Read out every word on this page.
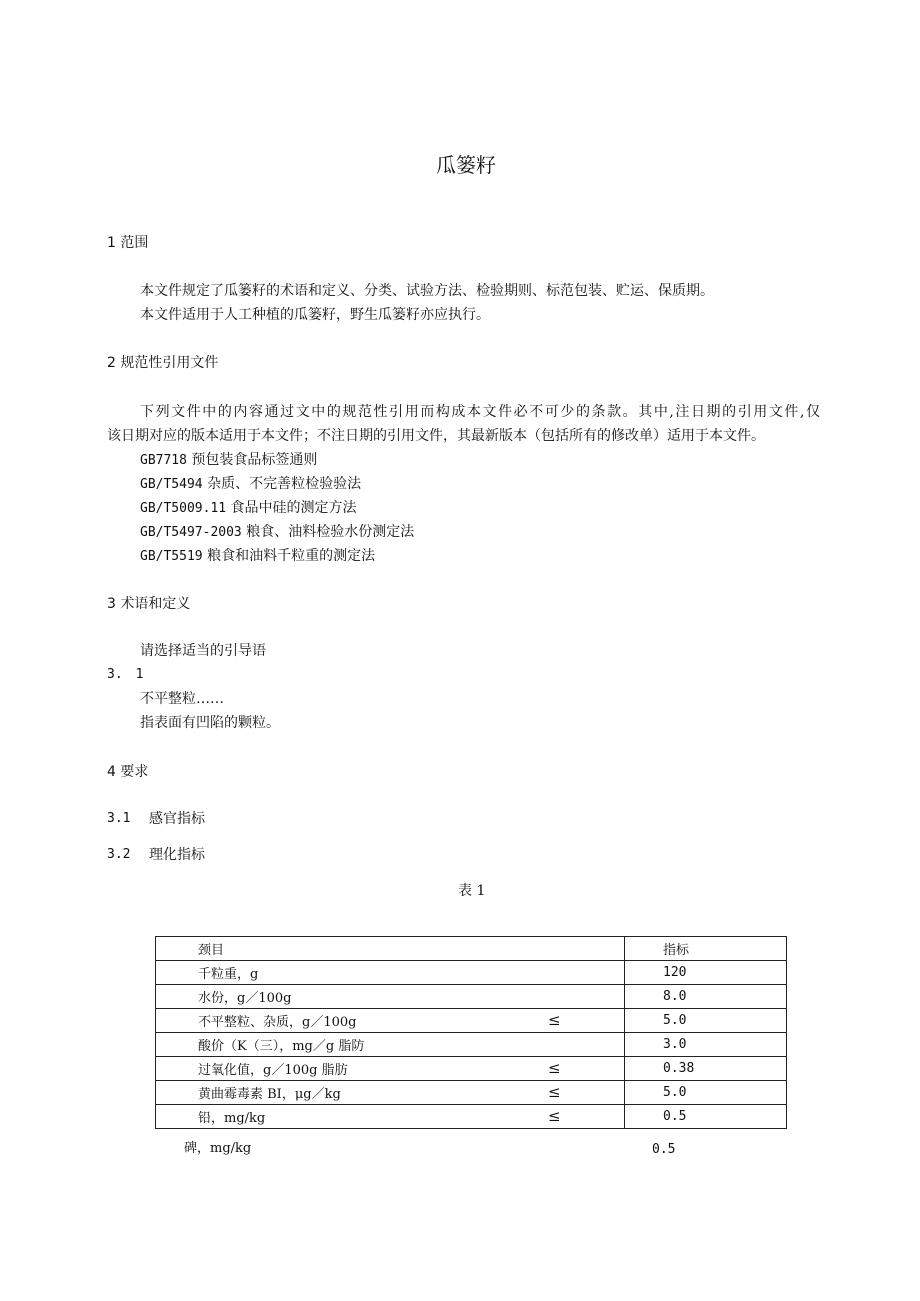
瓜篓籽
1 范围
本文件规定了瓜篓籽的术语和定义、分类、试验方法、检验期则、标范包装、贮运、保质期。
本文件适用于人工种植的瓜篓籽，野生瓜篓籽亦应执行。
2 规范性引用文件
下列文件中的内容通过文中的规范性引用而构成本文件必不可少的条款。其中,注日期的引用文件,仅
该日期对应的版本适用于本文件；不注日期的引用文件，其最新版本（包括所有的修改单）适用于本文件。
GB7718 预包装食品标签通则
GB/T5494 杂质、不完善粒检验验法
GB/T5009.11 食品中硅的测定方法
GB/T5497-2003 粮食、油料检验水份测定法
GB/T5519 粮食和油料千粒重的测定法
3 术语和定义
请选择适当的引导语
3.　1
不平整粒……
指表面有凹陷的颗粒。
4 要求
3.1 感官指标
3.2 理化指标
表 1
颈目	指标
千粒重，g	120
水份，g／100g	8.0
不平整粒、杂质，g／100g ≤	5.0
酸价（K（三），mg／g 脂防	3.0
过氧化值，g／100g 脂肪 ≤	0.38
黄曲霉毒素 BI，μg／kg ≤	5.0
铅，mg/kg ≤	0.5
碑，mg/kg	0.5
